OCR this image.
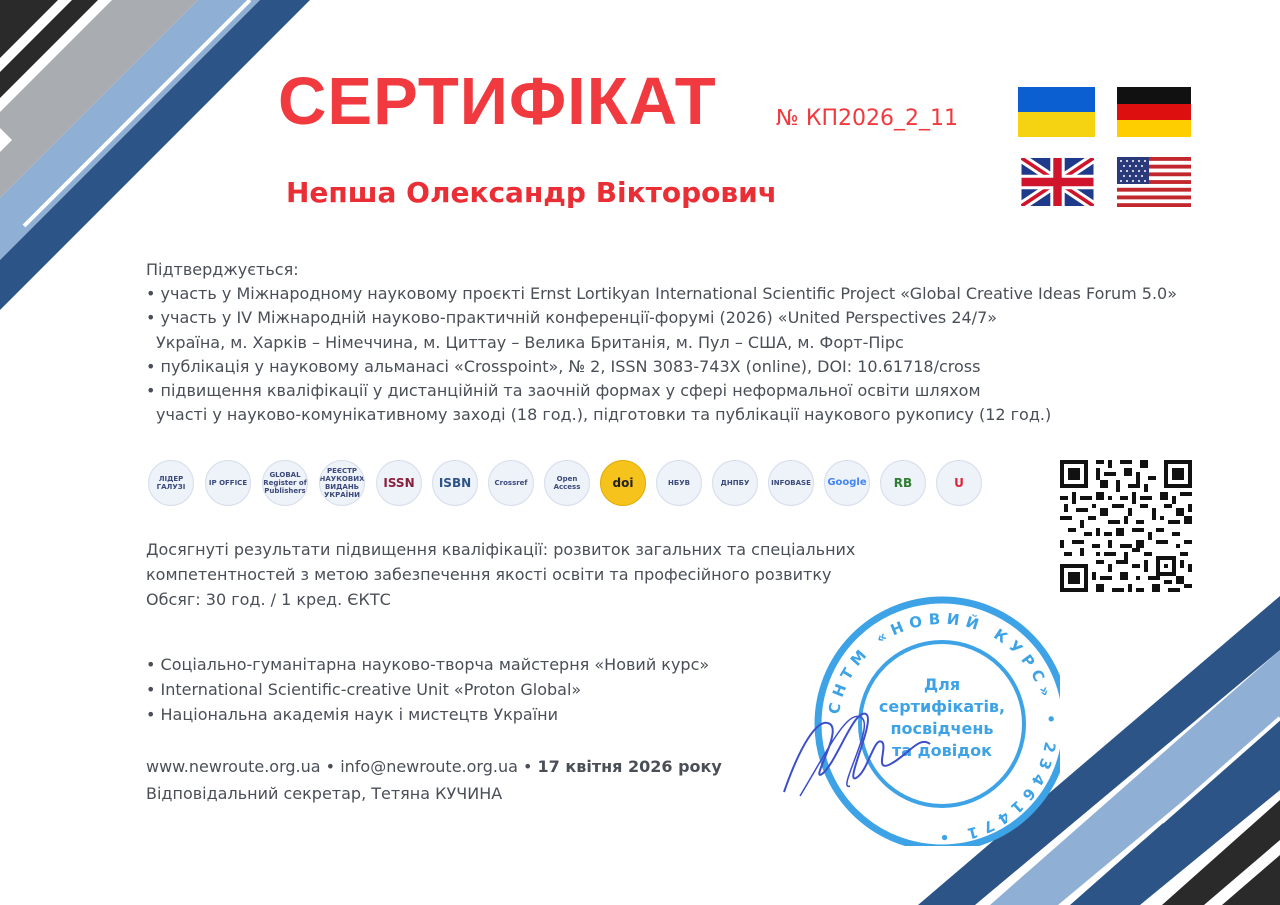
СЕРТИФІКАТ	№ КП2026_2_11
Непша Олександр Вікторович
Підтверджується:
• участь у Міжнародному науковому проєкті Ernst Lortikyan International Scientific Project «Global Creative Ideas Forum 5.0»
• участь у IV Міжнародній науково-практичній конференції-форумі (2026) «United Perspectives 24/7»
Україна, м. Харків – Німеччина, м. Циттау – Велика Британія, м. Пул – США, м. Форт-Пірс
• публікація у науковому альманасі «Crosspoint», № 2, ISSN 3083-743X (online), DOI: 10.61718/cross
• підвищення кваліфікації у дистанційній та заочній формах у сфері неформальної освіти шляхом
участі у науково-комунікативному заході (18 год.), підготовки та публікації наукового рукопису (12 год.)
ЛІДЕР ГАЛУЗІ	IP OFFICE
GLOBAL Register of Publishers
РЕЄСТР НАУКОВИХ ВИДАНЬ УКРАЇНИ
ISSN ISBN	Crossref	Open Access	doi	НБУВ	ДНПБУ	INFOBASE Google RB	U
Досягнуті результати підвищення кваліфікації: розвиток загальних та спеціальних
компетентностей з метою забезпечення якості освіти та професійного розвитку
Обсяг: 30 год. / 1 кред. ЄКТС
• Соціально-гуманітарна науково-творча майстерня «Новий курс»
• International Scientific-creative Unit «Proton Global»
• Національна академія наук і мистецтв України
www.newroute.org.ua • info@newroute.org.ua • 17 квітня 2026 року
Відповідальний секретар, Тетяна КУЧИНА
СНТМ «НОВИЙ КУРС» • 23461471 •
Для
сертифікатів,
посвідчень
та довідок
